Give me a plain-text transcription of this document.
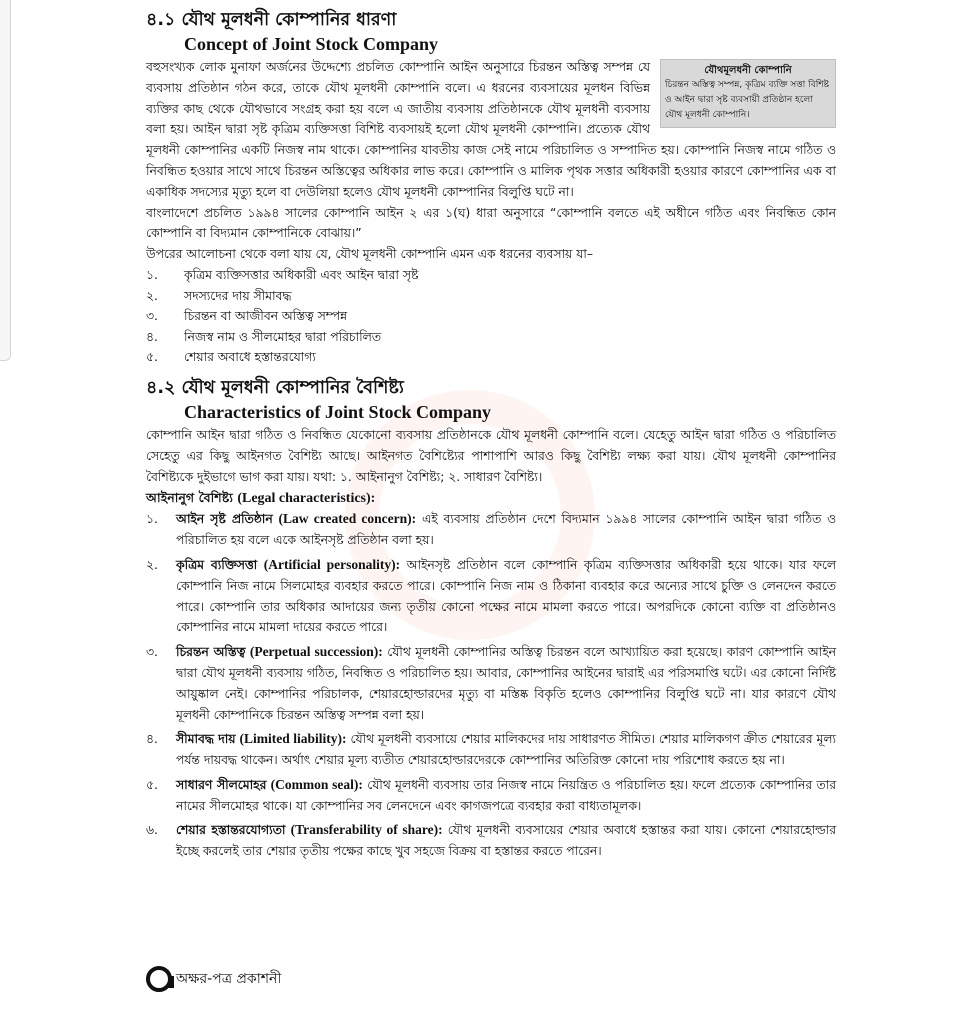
৪.১ যৌথ মূলধনী কোম্পানির ধারণা
Concept of Joint Stock Company
যৌথমূলধনী কোম্পানি
চিরন্তন অস্তিত্ব সম্পন্ন, কৃত্রিম ব্যক্তি সত্তা বিশিষ্ট ও আইন দ্বারা সৃষ্ট ব্যবসায়ী প্রতিষ্ঠান হলো যৌথ মূলধনী কোম্পানি।

বহুসংখ্যক লোক মুনাফা অর্জনের উদ্দেশ্যে প্রচলিত কোম্পানি আইন অনুসারে চিরন্তন অস্তিত্ব সম্পন্ন যে ব্যবসায় প্রতিষ্ঠান গঠন করে, তাকে যৌথ মূলধনী কোম্পানি বলে। এ ধরনের ব্যবসায়ের মূলধন বিভিন্ন ব্যক্তির কাছ থেকে যৌথভাবে সংগ্রহ করা হয় বলে এ জাতীয় ব্যবসায় প্রতিষ্ঠানকে যৌথ মূলধনী ব্যবসায় বলা হয়। আইন দ্বারা সৃষ্ট কৃত্রিম ব্যক্তিসত্তা বিশিষ্ট ব্যবসায়ই হলো যৌথ মূলধনী কোম্পানি। প্রত্যেক যৌথ মূলধনী কোম্পানির একটি নিজস্ব নাম থাকে। কোম্পানির যাবতীয় কাজ সেই নামে পরিচালিত ও সম্পাদিত হয়। কোম্পানি নিজস্ব নামে গঠিত ও নিবন্ধিত হওয়ার সাথে সাথে চিরন্তন অস্তিত্বের অধিকার লাভ করে। কোম্পানি ও মালিক পৃথক সত্তার অধিকারী হওয়ার কারণে কোম্পানির এক বা একাধিক সদস্যের মৃত্যু হলে বা দেউলিয়া হলেও যৌথ মূলধনী কোম্পানির বিলুপ্তি ঘটে না।

বাংলাদেশে প্রচলিত ১৯৯৪ সালের কোম্পানি আইন ২ এর ১(ঘ) ধারা অনুসারে “কোম্পানি বলতে এই অধীনে গঠিত এবং নিবন্ধিত কোন কোম্পানি বা বিদ্যমান কোম্পানিকে বোঝায়।”

উপরের আলোচনা থেকে বলা যায় যে, যৌথ মূলধনী কোম্পানি এমন এক ধরনের ব্যবসায় যা–

১.	কৃত্রিম ব্যক্তিসত্তার অধিকারী এবং আইন দ্বারা সৃষ্ট
২.	সদস্যদের দায় সীমাবদ্ধ
৩.	চিরন্তন বা আজীবন অস্তিত্ব সম্পন্ন
৪.	নিজস্ব নাম ও সীলমোহর দ্বারা পরিচালিত
৫.	শেয়ার অবাধে হস্তান্তরযোগ্য
৪.২ যৌথ মূলধনী কোম্পানির বৈশিষ্ট্য
Characteristics of Joint Stock Company

কোম্পানি আইন দ্বারা গঠিত ও নিবন্ধিত যেকোনো ব্যবসায় প্রতিষ্ঠানকে যৌথ মূলধনী কোম্পানি বলে। যেহেতু আইন দ্বারা গঠিত ও পরিচালিত সেহেতু এর কিছু আইনগত বৈশিষ্ট্য আছে। আইনগত বৈশিষ্ট্যের পাশাপাশি আরও কিছু বৈশিষ্ট্য লক্ষ্য করা যায়। যৌথ মূলধনী কোম্পানির বৈশিষ্ট্যকে দুইভাগে ভাগ করা যায়। যথা: ১. আইনানুগ বৈশিষ্ট্য; ২. সাধারণ বৈশিষ্ট্য।

আইনানুগ বৈশিষ্ট্য (Legal characteristics):

১.	আইন সৃষ্ট প্রতিষ্ঠান (Law created concern): এই ব্যবসায় প্রতিষ্ঠান দেশে বিদ্যমান ১৯৯৪ সালের কোম্পানি আইন দ্বারা গঠিত ও পরিচালিত হয় বলে একে আইনসৃষ্ট প্রতিষ্ঠান বলা হয়।
২.	কৃত্রিম ব্যক্তিসত্তা (Artificial personality): আইনসৃষ্ট প্রতিষ্ঠান বলে কোম্পানি কৃত্রিম ব্যক্তিসত্তার অধিকারী হয়ে থাকে। যার ফলে কোম্পানি নিজ নামে সিলমোহর ব্যবহার করতে পারে। কোম্পানি নিজ নাম ও ঠিকানা ব্যবহার করে অন্যের সাথে চুক্তি ও লেনদেন করতে পারে। কোম্পানি তার অধিকার আদায়ের জন্য তৃতীয় কোনো পক্ষের নামে মামলা করতে পারে। অপরদিকে কোনো ব্যক্তি বা প্রতিষ্ঠানও কোম্পানির নামে মামলা দায়ের করতে পারে।
৩.	চিরন্তন অস্তিত্ব (Perpetual succession): যৌথ মূলধনী কোম্পানির অস্তিত্ব চিরন্তন বলে আখ্যায়িত করা হয়েছে। কারণ কোম্পানি আইন দ্বারা যৌথ মূলধনী ব্যবসায় গঠিত, নিবন্ধিত ও পরিচালিত হয়। আবার, কোম্পানির আইনের দ্বারাই এর পরিসমাপ্তি ঘটে। এর কোনো নির্দিষ্ট আয়ুষ্কাল নেই। কোম্পানির পরিচালক, শেয়ারহোল্ডারদের মৃত্যু বা মস্তিষ্ক বিকৃতি হলেও কোম্পানির বিলুপ্তি ঘটে না। যার কারণে যৌথ মূলধনী কোম্পানিকে চিরন্তন অস্তিত্ব সম্পন্ন বলা হয়।
৪.	সীমাবদ্ধ দায় (Limited liability): যৌথ মূলধনী ব্যবসায়ে শেয়ার মালিকদের দায় সাধারণত সীমিত। শেয়ার মালিকগণ ক্রীত শেয়ারের মূল্য পর্যন্ত দায়বদ্ধ থাকেন। অর্থাৎ শেয়ার মূল্য ব্যতীত শেয়ারহোল্ডারদেরকে কোম্পানির অতিরিক্ত কোনো দায় পরিশোধ করতে হয় না।
৫.	সাধারণ সীলমোহর (Common seal): যৌথ মূলধনী ব্যবসায় তার নিজস্ব নামে নিয়ন্ত্রিত ও পরিচালিত হয়। ফলে প্রত্যেক কোম্পানির তার নামের সীলমোহর থাকে। যা কোম্পানির সব লেনদেনে এবং কাগজপত্রে ব্যবহার করা বাধ্যতামূলক।
৬.	শেয়ার হস্তান্তরযোগ্যতা (Transferability of share): যৌথ মূলধনী ব্যবসায়ের শেয়ার অবাধে হস্তান্তর করা যায়। কোনো শেয়ারহোল্ডার ইচ্ছে করলেই তার শেয়ার তৃতীয় পক্ষের কাছে খুব সহজে বিক্রয় বা হস্তান্তর করতে পারেন।
অক্ষর-পত্র প্রকাশনী
